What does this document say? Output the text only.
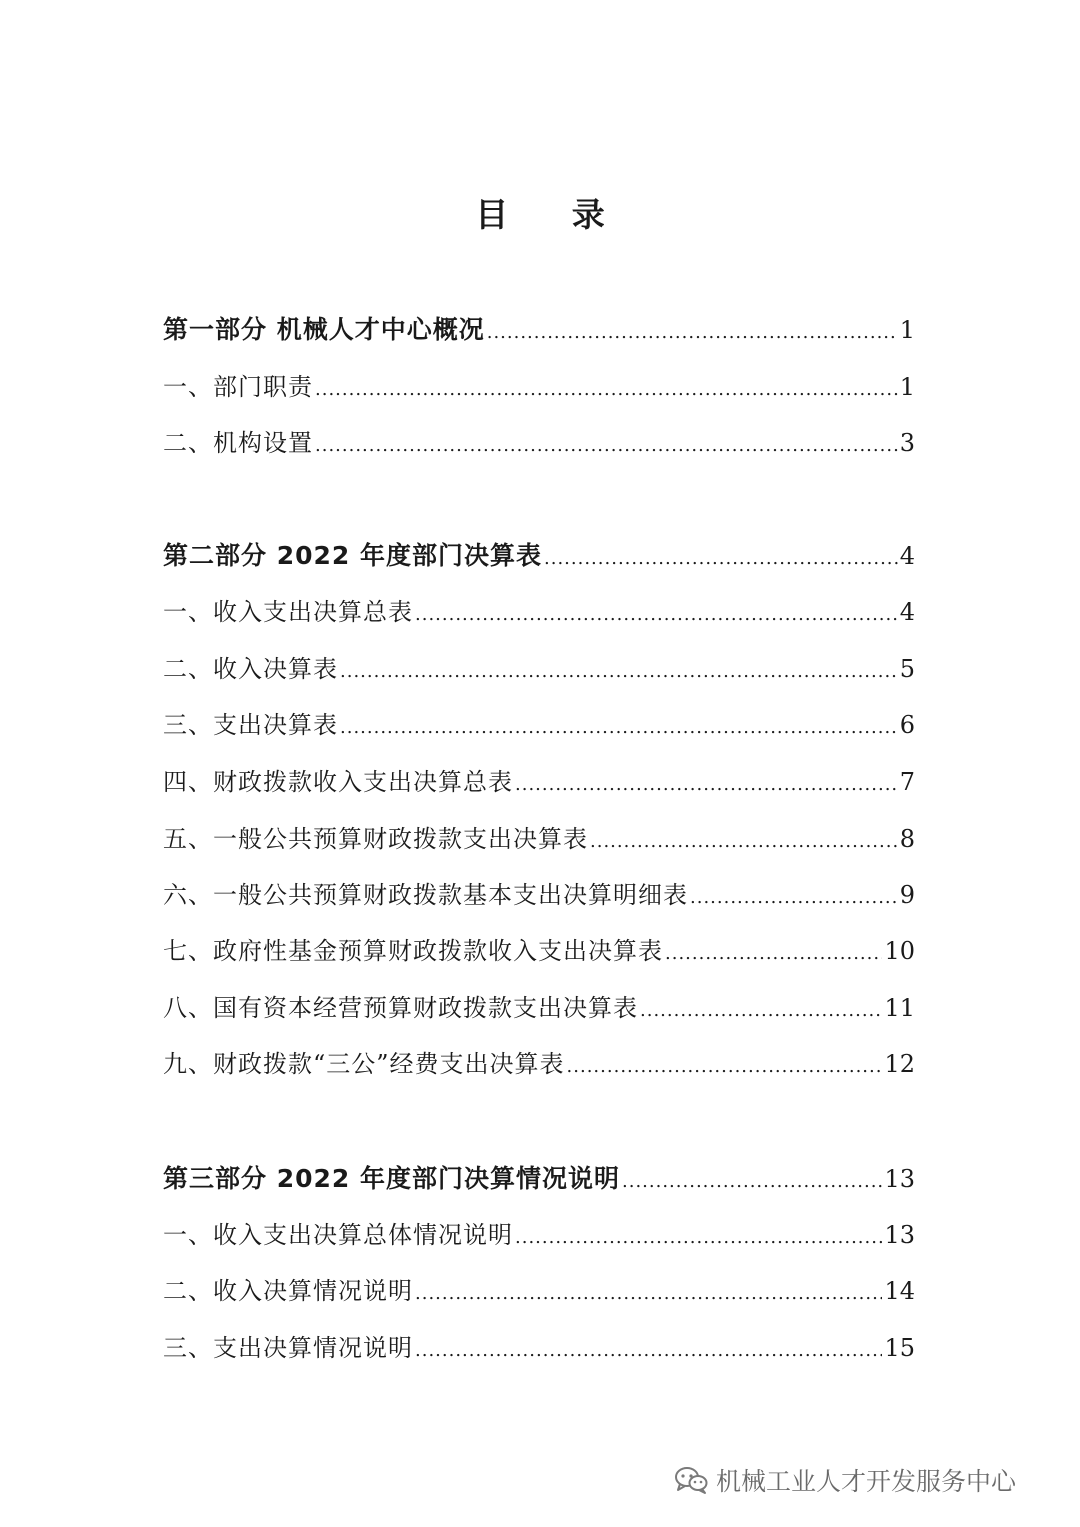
目 录
第一部分 机械人才中心概况 .....	1
一、部门职责 .....	1
二、机构设置 .....	3
第二部分 2022 年度部门决算表 .....	4
一、收入支出决算总表 .....	4
二、收入决算表 .....	5
三、支出决算表 .....	6
四、财政拨款收入支出决算总表 .....	7
五、一般公共预算财政拨款支出决算表 .....	8
六、一般公共预算财政拨款基本支出决算明细表 .....	9
七、政府性基金预算财政拨款收入支出决算表 .....	10
八、国有资本经营预算财政拨款支出决算表 .....	11
九、财政拨款“三公”经费支出决算表 .....	12
第三部分 2022 年度部门决算情况说明 .....	13
一、收入支出决算总体情况说明 .....	13
二、收入决算情况说明 .....	14
三、支出决算情况说明 .....	15
机械工业人才开发服务中心
